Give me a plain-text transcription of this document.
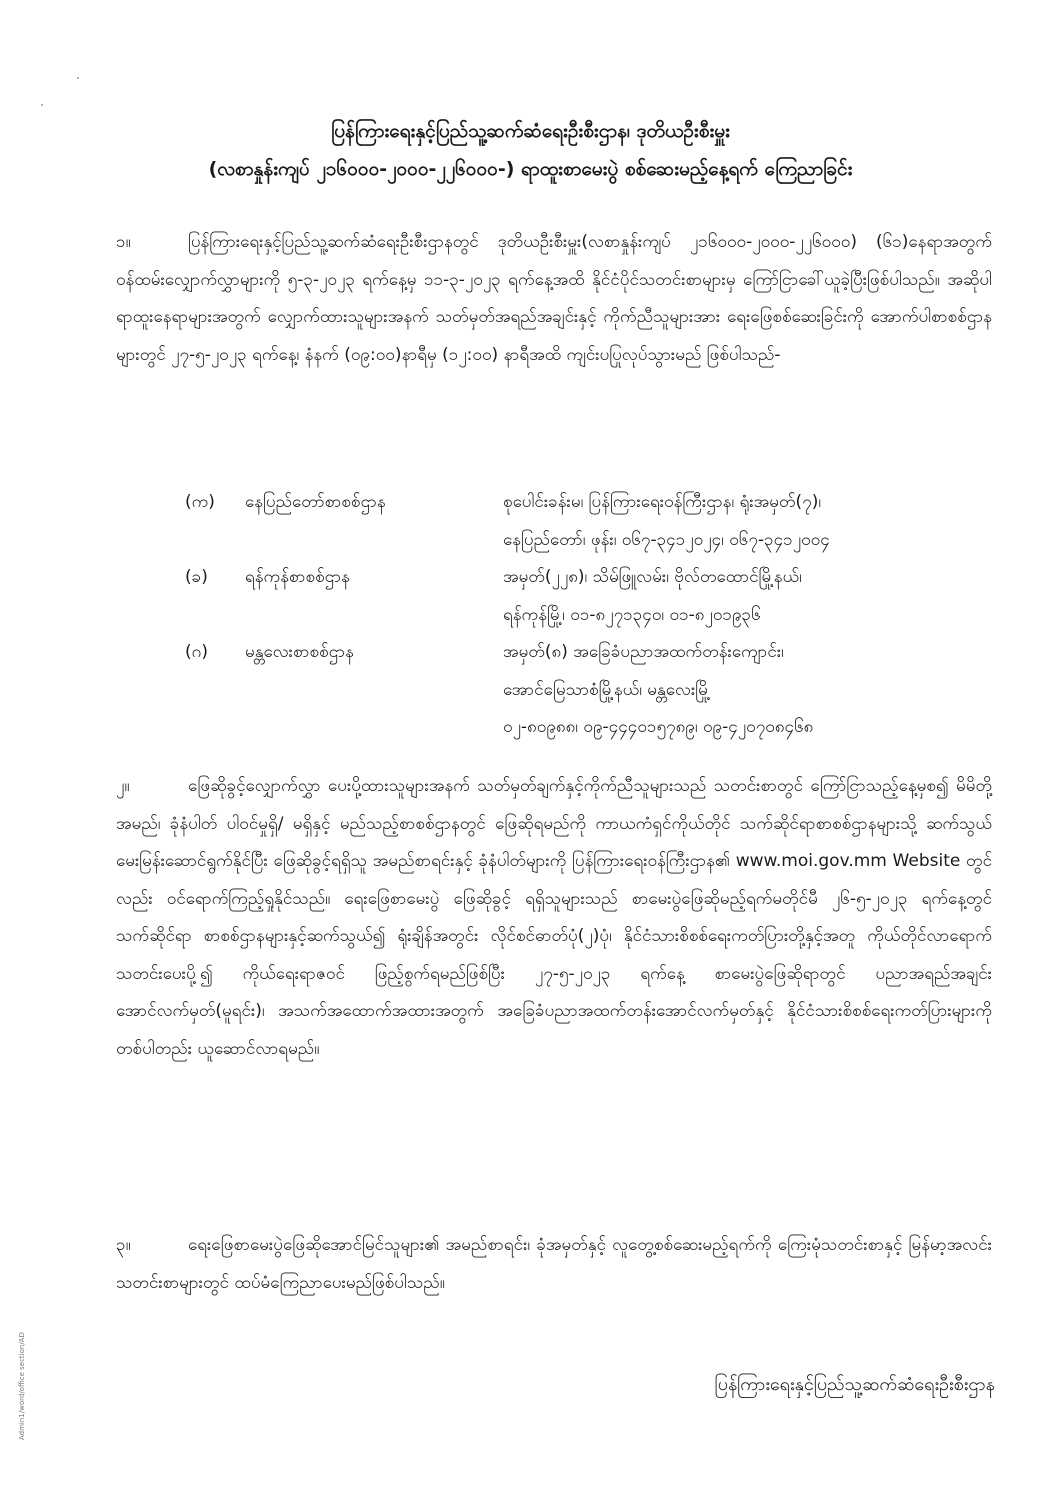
ပြန်ကြားရေးနှင့်ပြည်သူ့ဆက်ဆံရေးဦးစီးဌာန၊ ဒုတိယဦးစီးမှူး
(လစာနှုန်းကျပ် ၂၁၆၀၀၀-၂၀၀၀-၂၂၆၀၀၀-) ရာထူးစာမေးပွဲ စစ်ဆေးမည့်နေ့ရက် ကြေညာခြင်း

၁။	ပြန်ကြားရေးနှင့်ပြည်သူ့ဆက်ဆံရေးဦးစီးဌာနတွင် ဒုတိယဦးစီးမှူး(လစာနှုန်းကျပ် ၂၁၆၀၀၀-၂၀၀၀-၂၂၆၀၀၀) (၆၁)နေရာအတွက် ဝန်ထမ်းလျှောက်လွှာများကို ၅-၃-၂၀၂၃ ရက်နေ့မှ ၁၁-၃-၂၀၂၃ ရက်နေ့အထိ နိုင်ငံပိုင်သတင်းစာများမှ ကြော်ငြာခေါ်ယူခဲ့ပြီးဖြစ်ပါသည်။ အဆိုပါ ရာထူးနေရာများအတွက် လျှောက်ထားသူများအနက် သတ်မှတ်အရည်အချင်းနှင့် ကိုက်ညီသူများအား ရေးဖြေစစ်ဆေးခြင်းကို အောက်ပါစာစစ်ဌာနများတွင် ၂၇-၅-၂၀၂၃ ရက်နေ့၊ နံနက် (၀၉:၀၀)နာရီမှ (၁၂:၀၀) နာရီအထိ ကျင်းပပြုလုပ်သွားမည် ဖြစ်ပါသည်-

(က) နေပြည်တော်စာစစ်ဌာန	စုပေါင်းခန်းမ၊ ပြန်ကြားရေးဝန်ကြီးဌာန၊ ရုံးအမှတ်(၇)၊
နေပြည်တော်၊ ဖုန်း၊ ၀၆၇-၃၄၁၂၀၂၄၊ ၀၆၇-၃၄၁၂၀၀၄
(ခ) ရန်ကုန်စာစစ်ဌာန	အမှတ်(၂၂၈)၊ သိမ်ဖြူလမ်း၊ ဗိုလ်တထောင်မြို့နယ်၊
ရန်ကုန်မြို့၊ ၀၁-၈၂၇၁၃၄၀၊ ၀၁-၈၂၀၁၉၃၆
(ဂ) မန္တလေးစာစစ်ဌာန	အမှတ်(၈) အခြေခံပညာအထက်တန်းကျောင်း၊
အောင်မြေသာစံမြို့နယ်၊ မန္တလေးမြို့
၀၂-၈၀၉၈၈၊ ၀၉-၄၄၄၀၁၅၇၈၉၊ ၀၉-၄၂၀၇၀၈၄၆၈

၂။	ဖြေဆိုခွင့်လျှောက်လွှာ ပေးပို့ထားသူများအနက် သတ်မှတ်ချက်နှင့်ကိုက်ညီသူများသည် သတင်းစာတွင် ကြော်ငြာသည့်နေ့မှစ၍ မိမိတို့အမည်၊ ခုံနံပါတ် ပါဝင်မှုရှိ/ မရှိနှင့် မည်သည့်စာစစ်ဌာနတွင် ဖြေဆိုရမည်ကို ကာယကံရှင်ကိုယ်တိုင် သက်ဆိုင်ရာစာစစ်ဌာနများသို့ ဆက်သွယ်မေးမြန်းဆောင်ရွက်နိုင်ပြီး ဖြေဆိုခွင့်ရရှိသူ အမည်စာရင်းနှင့် ခုံနံပါတ်များကို ပြန်ကြားရေးဝန်ကြီးဌာန၏ www.moi.gov.mm Website တွင်လည်း ဝင်ရောက်ကြည့်ရှုနိုင်သည်။ ရေးဖြေစာမေးပွဲ ဖြေဆိုခွင့် ရရှိသူများသည် စာမေးပွဲဖြေဆိုမည့်ရက်မတိုင်မီ ၂၆-၅-၂၀၂၃ ရက်နေ့တွင် သက်ဆိုင်ရာ စာစစ်ဌာနများနှင့်ဆက်သွယ်၍ ရုံးချိန်အတွင်း လိုင်စင်ဓာတ်ပုံ(၂)ပုံ၊ နိုင်ငံသားစိစစ်ရေးကတ်ပြားတို့နှင့်အတူ ကိုယ်တိုင်လာရောက်သတင်းပေးပို့၍ ကိုယ်ရေးရာဇဝင် ဖြည့်စွက်ရမည်ဖြစ်ပြီး ၂၇-၅-၂၀၂၃ ရက်နေ့ စာမေးပွဲဖြေဆိုရာတွင် ပညာအရည်အချင်းအောင်လက်မှတ်(မူရင်း)၊ အသက်အထောက်အထားအတွက် အခြေခံပညာအထက်တန်းအောင်လက်မှတ်နှင့် နိုင်ငံသားစိစစ်ရေးကတ်ပြားများကို တစ်ပါတည်း ယူဆောင်လာရမည်။

၃။	ရေးဖြေစာမေးပွဲဖြေဆိုအောင်မြင်သူများ၏ အမည်စာရင်း၊ ခုံအမှတ်နှင့် လူတွေ့စစ်ဆေးမည့်ရက်ကို ကြေးမုံသတင်းစာနှင့် မြန်မာ့အလင်းသတင်းစာများတွင် ထပ်မံကြေညာပေးမည်ဖြစ်ပါသည်။

ပြန်ကြားရေးနှင့်ပြည်သူ့ဆက်ဆံရေးဦးစီးဌာန
Admin1/word/office section/AD
